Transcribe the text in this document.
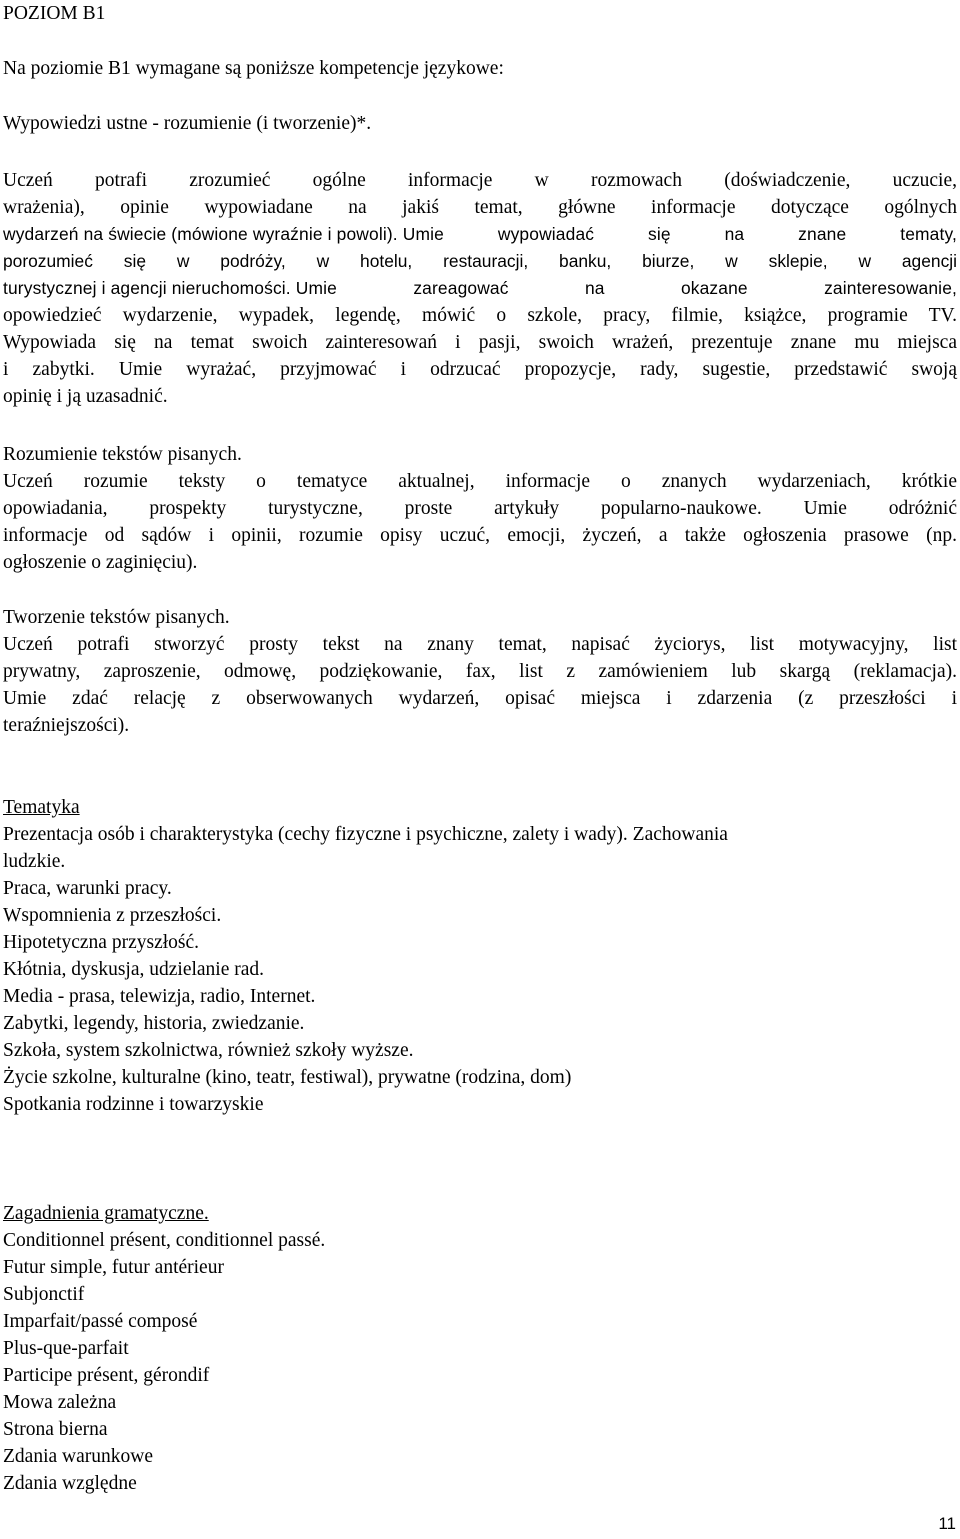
POZIOM B1
Na poziomie B1 wymagane są poniższe kompetencje językowe:
Wypowiedzi ustne - rozumienie (i tworzenie)*.
Uczeń potrafi zrozumieć ogólne informacje w rozmowach (doświadczenie, uczucie,
wrażenia), opinie wypowiadane na jakiś temat, główne informacje dotyczące ogólnych
wydarzeń na świecie (mówione wyraźnie i powoli). Umie wypowiadać się na znane tematy,
porozumieć się w podróży, w hotelu, restauracji, banku, biurze, w sklepie, w agencji
turystycznej i agencji nieruchomości. Umie zareagować na okazane zainteresowanie,
opowiedzieć wydarzenie, wypadek, legendę, mówić o szkole, pracy, filmie, książce, programie TV.
Wypowiada się na temat swoich zainteresowań i pasji, swoich wrażeń, prezentuje znane mu miejsca
i zabytki. Umie wyrażać, przyjmować i odrzucać propozycje, rady, sugestie, przedstawić swoją
opinię i ją uzasadnić.
Rozumienie tekstów pisanych.
Uczeń rozumie teksty o tematyce aktualnej, informacje o znanych wydarzeniach, krótkie
opowiadania, prospekty turystyczne, proste artykuły popularno-naukowe. Umie odróżnić
informacje od sądów i opinii, rozumie opisy uczuć, emocji, życzeń, a także ogłoszenia prasowe (np.
ogłoszenie o zaginięciu).
Tworzenie tekstów pisanych.
Uczeń potrafi stworzyć prosty tekst na znany temat, napisać życiorys, list motywacyjny, list
prywatny, zaproszenie, odmowę, podziękowanie, fax, list z zamówieniem lub skargą (reklamacja).
Umie zdać relację z obserwowanych wydarzeń, opisać miejsca i zdarzenia (z przeszłości i
teraźniejszości).
Tematyka
Prezentacja osób i charakterystyka (cechy fizyczne i psychiczne, zalety i wady). Zachowania
ludzkie.
Praca, warunki pracy.
Wspomnienia z przeszłości.
Hipotetyczna przyszłość.
Kłótnia, dyskusja, udzielanie rad.
Media - prasa, telewizja, radio, Internet.
Zabytki, legendy, historia, zwiedzanie.
Szkoła, system szkolnictwa, również szkoły wyższe.
Życie szkolne, kulturalne (kino, teatr, festiwal), prywatne (rodzina, dom)
Spotkania rodzinne i towarzyskie
Zagadnienia gramatyczne.
Conditionnel présent, conditionnel passé.
Futur simple, futur antérieur
Subjonctif
Imparfait/passé composé
Plus-que-parfait
Participe présent, gérondif
Mowa zależna
Strona bierna
Zdania warunkowe
Zdania względne
11
